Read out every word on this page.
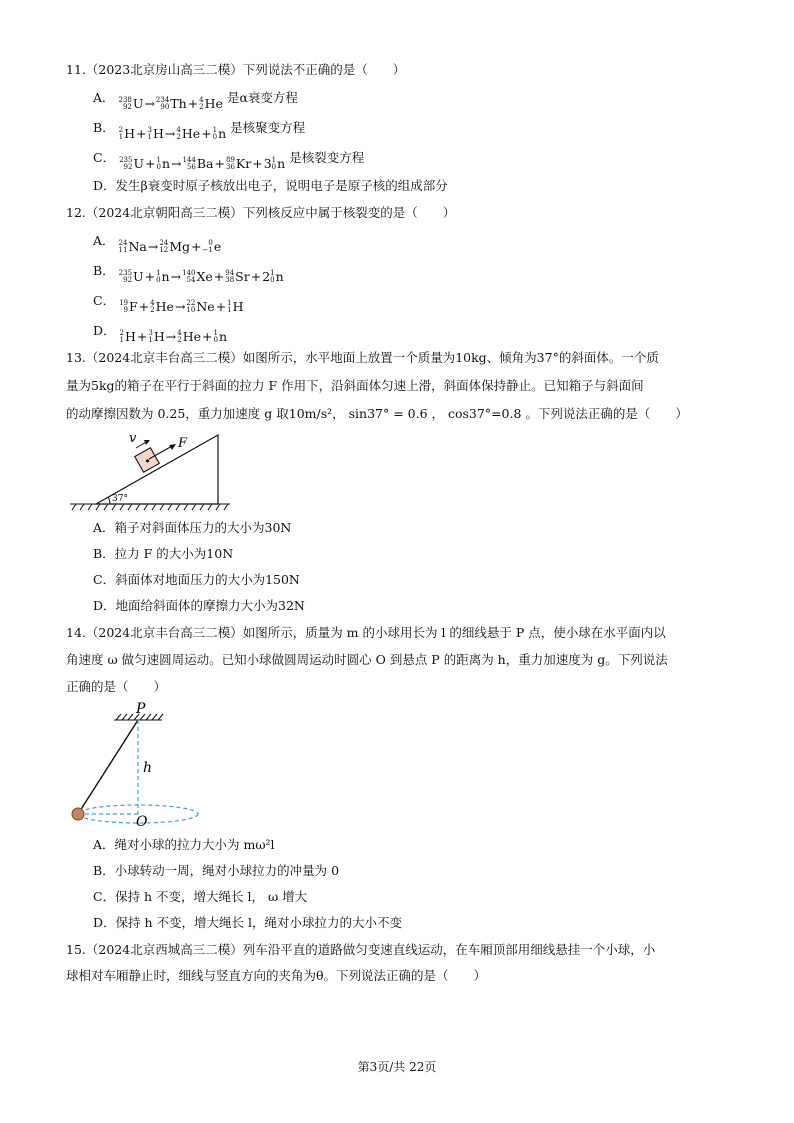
11.（2023北京房山高三二模）下列说法不正确的是（　　）
A． 238
92 U → 234
90 Th + 4
2 He 是α衰变方程
B． 2
1 H + 3
1 H → 4
2 He + 1
0 n 是核聚变方程
C． 235
92 U + 1
0 n → 144
56 Ba + 89
36 Kr + 3 1
0 n 是核裂变方程
D．发生β衰变时原子核放出电子，说明电子是原子核的组成部分
12.（2024北京朝阳高三二模）下列核反应中属于核裂变的是（　　）
A． 24
11 Na → 24
12 Mg + 0
−1 e
B． 235
92 U + 1
0 n → 140
54 Xe + 94
38 Sr + 2 1
0 n
C． 19
9 F + 4
2 He → 22
10 Ne + 1
1 H
D． 2
1 H + 3
1 H → 4
2 He + 1
0 n
13.（2024北京丰台高三二模）如图所示，水平地面上放置一个质量为10kg、倾角为37°的斜面体。一个质
量为5kg的箱子在平行于斜面的拉力 F 作用下，沿斜面体匀速上滑，斜面体保持静止。已知箱子与斜面间
的动摩擦因数为 0.25，重力加速度 g 取10m/s²， sin37° = 0.6 ， cos37°=0.8 。下列说法正确的是（　　）
37°
v	F
A．箱子对斜面体压力的大小为30N
B．拉力 F 的大小为10N
C．斜面体对地面压力的大小为150N
D．地面给斜面体的摩擦力大小为32N
14.（2024北京丰台高三二模）如图所示，质量为 m 的小球用长为 l 的细线悬于 P 点，使小球在水平面内以
角速度 ω 做匀速圆周运动。已知小球做圆周运动时圆心 O 到悬点 P 的距离为 h，重力加速度为 g。下列说法
正确的是（　　）
P
h
O
A．绳对小球的拉力大小为 mω²l
B．小球转动一周，绳对小球拉力的冲量为 0
C．保持 h 不变，增大绳长 l， ω 增大
D．保持 h 不变，增大绳长 l，绳对小球拉力的大小不变
15.（2024北京西城高三二模）列车沿平直的道路做匀变速直线运动，在车厢顶部用细线悬挂一个小球，小
球相对车厢静止时，细线与竖直方向的夹角为θ。下列说法正确的是（　　）
第3页/共 22页
